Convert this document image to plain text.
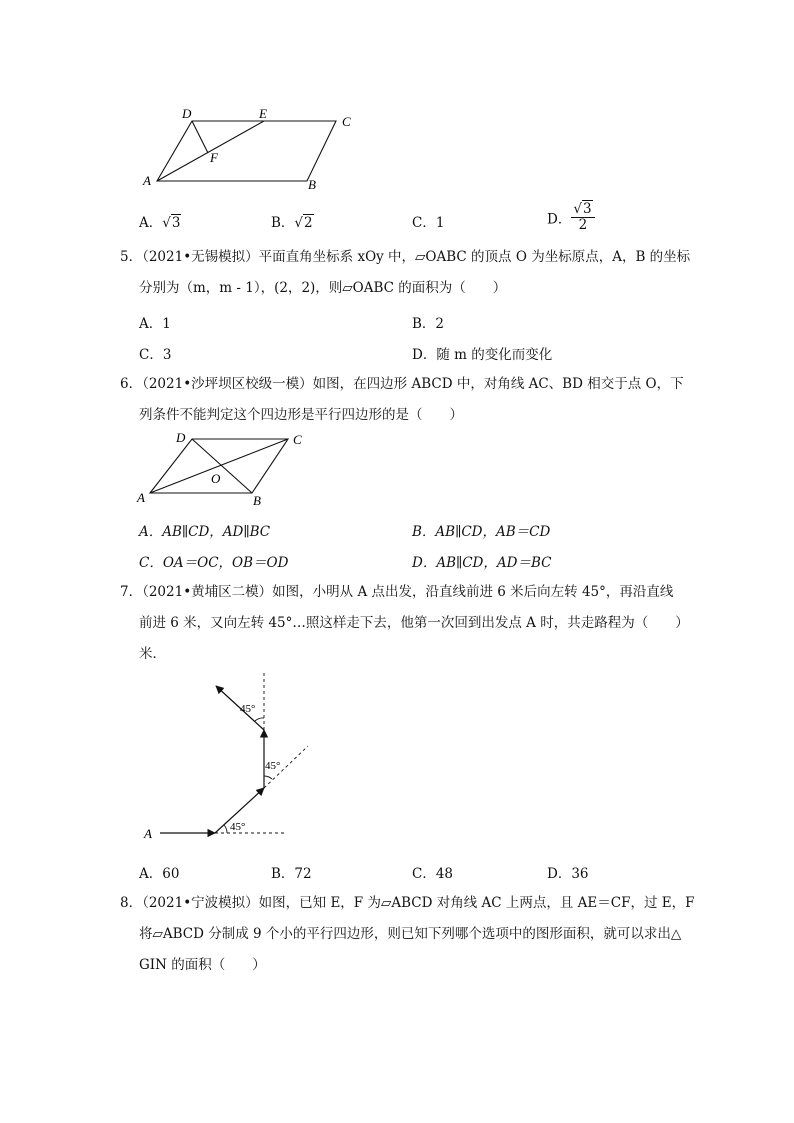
A	B
C
D	E
F
A．√3	B．√2	C．1	D． $\frac{√3}{2}$
5．（2021•无锡模拟）平面直角坐标系 xOy 中，▱OABC 的顶点 O 为坐标原点，A，B 的坐标
分别为（m，m - 1），(2，2)，则▱OABC 的面积为（　　）
A．1	B．2
C．3	D．随 m 的变化而变化
6．（2021•沙坪坝区校级一模）如图，在四边形 ABCD 中，对角线 AC、BD 相交于点 O，下
列条件不能判定这个四边形是平行四边形的是（　　）
A	B
C
D
O
A．AB∥CD，AD∥BC	B．AB∥CD，AB＝CD
C．OA＝OC，OB＝OD	D．AB∥CD，AD＝BC
7．（2021•黄埔区二模）如图，小明从 A 点出发，沿直线前进 6 米后向左转 45°，再沿直线
前进 6 米，又向左转 45°…照这样走下去，他第一次回到出发点 A 时，共走路程为（　　）
米．
A	45°
45°
45°
A．60	B．72	C．48	D．36
8．（2021•宁波模拟）如图，已知 E，F 为▱ABCD 对角线 AC 上两点，且 AE＝CF，过 E，F
将▱ABCD 分制成 9 个小的平行四边形，则已知下列哪个选项中的图形面积，就可以求出△
GIN 的面积（　　）
